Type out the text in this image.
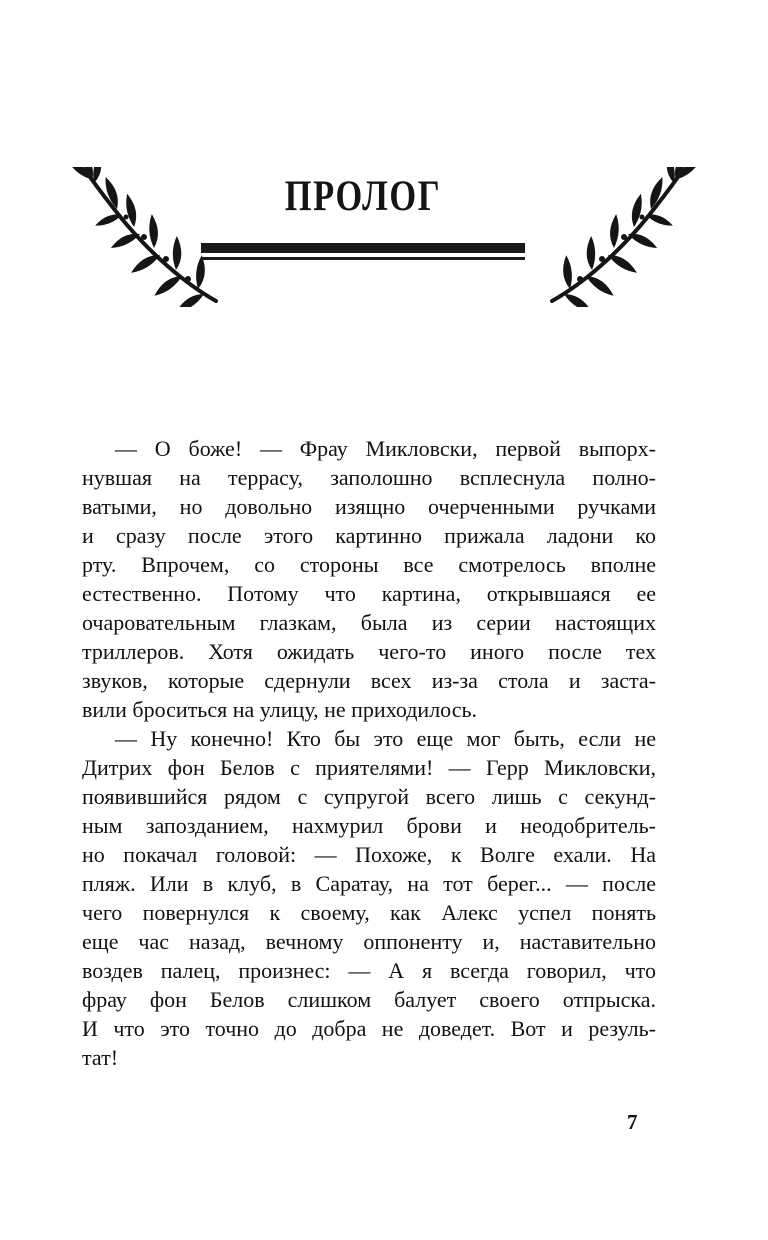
ПРОЛОГ
— О боже! — Фрау Микловски, первой выпорх-
нувшая на террасу, заполошно всплеснула полно-
ватыми, но довольно изящно очерченными ручками
и сразу после этого картинно прижала ладони ко
рту. Впрочем, со стороны все смотрелось вполне
естественно. Потому что картина, открывшаяся ее
очаровательным глазкам, была из серии настоящих
триллеров. Хотя ожидать чего-то иного после тех
звуков, которые сдернули всех из-за стола и заста-
вили броситься на улицу, не приходилось.
— Ну конечно! Кто бы это еще мог быть, если не
Дитрих фон Белов с приятелями! — Герр Микловски,
появившийся рядом с супругой всего лишь с секунд-
ным запозданием, нахмурил брови и неодобритель-
но покачал головой: — Похоже, к Волге ехали. На
пляж. Или в клуб, в Саратау, на тот берег... — после
чего повернулся к своему, как Алекс успел понять
еще час назад, вечному оппоненту и, наставительно
воздев палец, произнес: — А я всегда говорил, что
фрау фон Белов слишком балует своего отпрыска.
И что это точно до добра не доведет. Вот и резуль-
тат!
7
